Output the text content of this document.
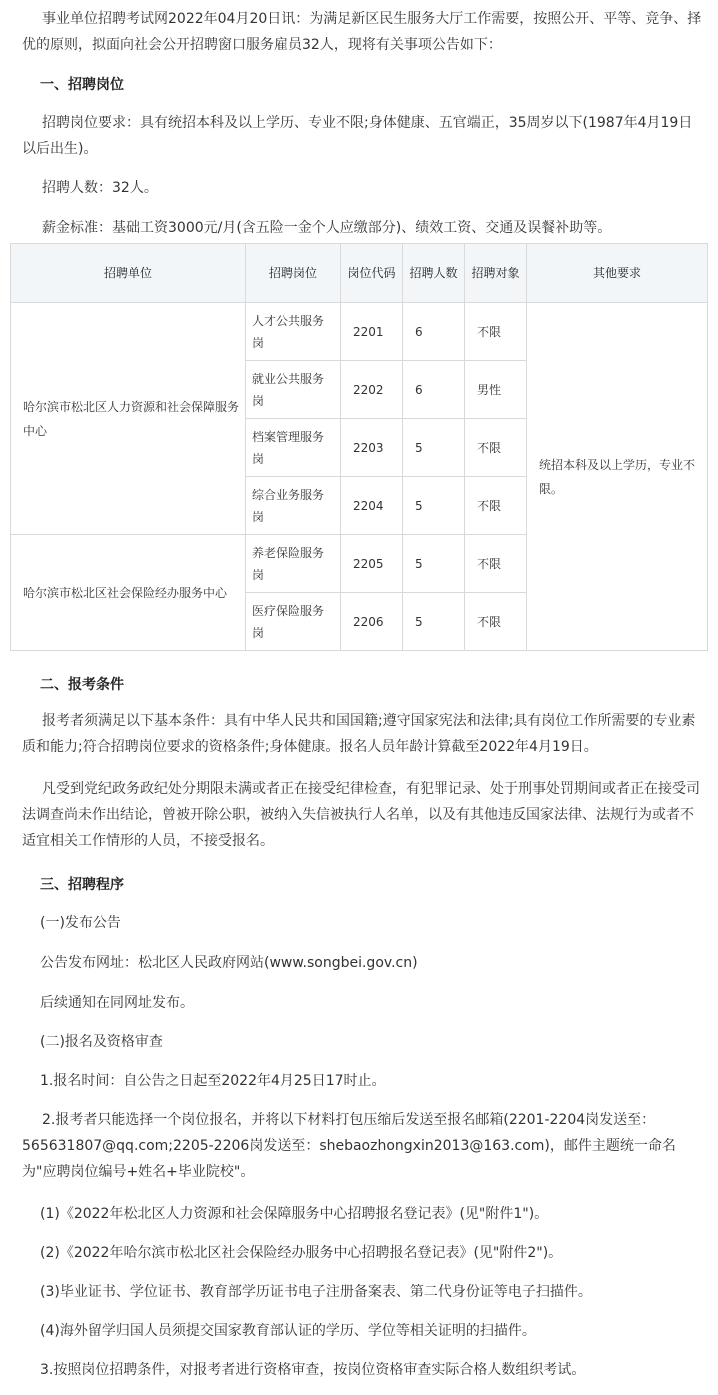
事业单位招聘考试网2022年04月20日讯：为满足新区民生服务大厅工作需要，按照公开、平等、竞争、择优的原则，拟面向社会公开招聘窗口服务雇员32人，现将有关事项公告如下：

一、招聘岗位

招聘岗位要求：具有统招本科及以上学历、专业不限;身体健康、五官端正，35周岁以下(1987年4月19日以后出生)。

招聘人数：32人。

薪金标准：基础工资3000元/月(含五险一金个人应缴部分)、绩效工资、交通及误餐补助等。

招聘单位	招聘岗位	岗位代码	招聘人数	招聘对象	其他要求
哈尔滨市松北区人力资源和社会保障服务中心	人才公共服务岗	2201	6	不限	统招本科及以上学历，专业不限。
	就业公共服务岗	2202	6	男性	
	档案管理服务岗	2203	5	不限	
	综合业务服务岗	2204	5	不限	
哈尔滨市松北区社会保险经办服务中心	养老保险服务岗	2205	5	不限	
	医疗保险服务岗	2206	5	不限	

二、报考条件

报考者须满足以下基本条件：具有中华人民共和国国籍;遵守国家宪法和法律;具有岗位工作所需要的专业素质和能力;符合招聘岗位要求的资格条件;身体健康。报名人员年龄计算截至2022年4月19日。

凡受到党纪政务政纪处分期限未满或者正在接受纪律检查，有犯罪记录、处于刑事处罚期间或者正在接受司法调查尚未作出结论，曾被开除公职，被纳入失信被执行人名单，以及有其他违反国家法律、法规行为或者不适宜相关工作情形的人员，不接受报名。

三、招聘程序

(一)发布公告

公告发布网址：松北区人民政府网站(www.songbei.gov.cn)

后续通知在同网址发布。

(二)报名及资格审查

1.报名时间：自公告之日起至2022年4月25日17时止。

2.报考者只能选择一个岗位报名，并将以下材料打包压缩后发送至报名邮箱(2201-2204岗发送至：565631807@qq.com;2205-2206岗发送至：shebaozhongxin2013@163.com)，邮件主题统一命名为"应聘岗位编号+姓名+毕业院校"。

(1)《2022年松北区人力资源和社会保障服务中心招聘报名登记表》(见"附件1")。

(2)《2022年哈尔滨市松北区社会保险经办服务中心招聘报名登记表》(见"附件2")。

(3)毕业证书、学位证书、教育部学历证书电子注册备案表、第二代身份证等电子扫描件。

(4)海外留学归国人员须提交国家教育部认证的学历、学位等相关证明的扫描件。

3.按照岗位招聘条件，对报考者进行资格审查，按岗位资格审查实际合格人数组织考试。
